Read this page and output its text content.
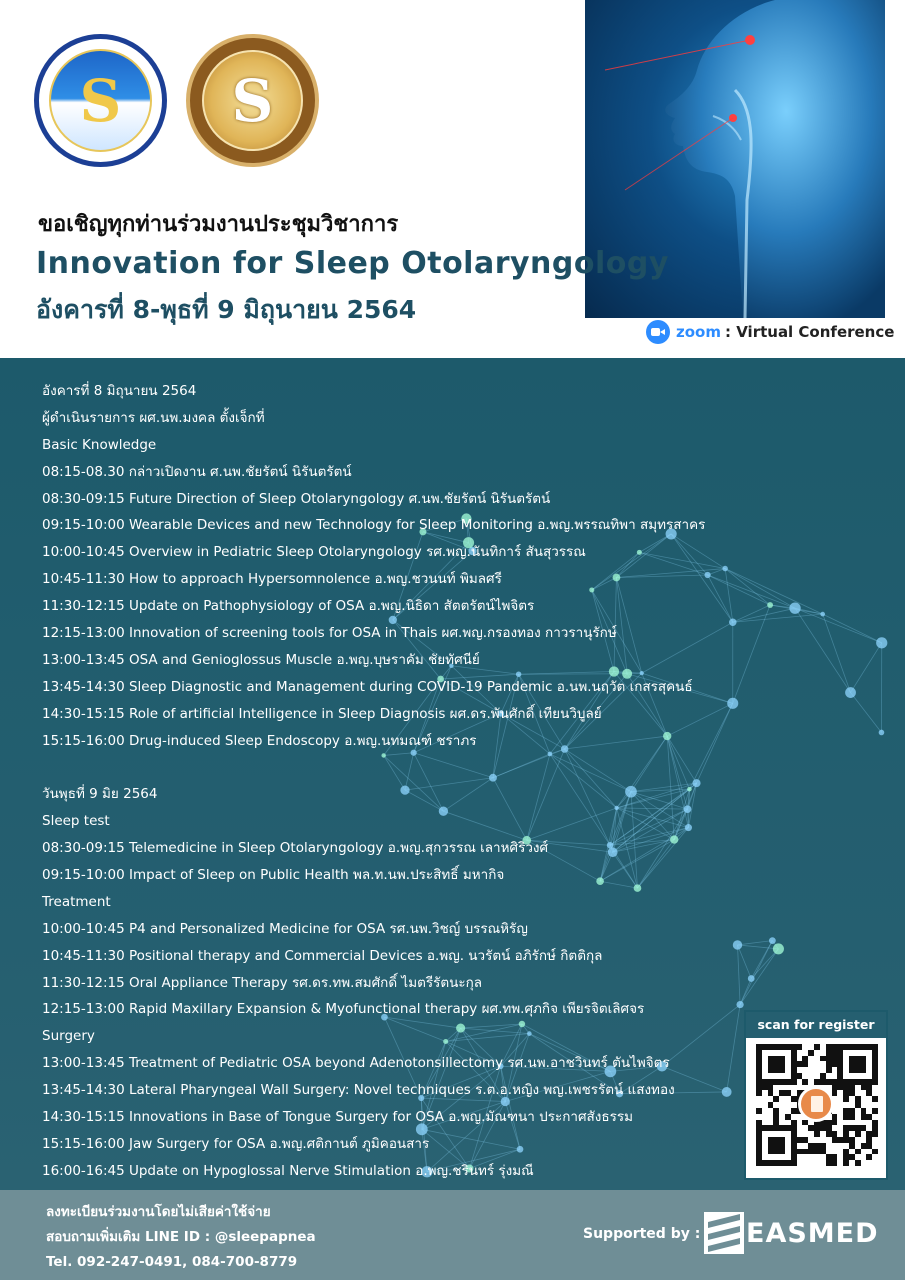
S	S
ขอเชิญทุกท่านร่วมงานประชุมวิชาการ
Innovation for Sleep Otolaryngology
อังคารที่ 8-พุธที่ 9 มิถุนายน 2564
zoom : Virtual Conference
อังคารที่ 8 มิถุนายน 2564
ผู้ดำเนินรายการ ผศ.นพ.มงคล ตั้งเจ็กที่
Basic Knowledge
08:15-08.30 กล่าวเปิดงาน ศ.นพ.ชัยรัตน์ นิรันตรัตน์
08:30-09:15 Future Direction of Sleep Otolaryngology ศ.นพ.ชัยรัตน์ นิรันตรัตน์
09:15-10:00 Wearable Devices and new Technology for Sleep Monitoring อ.พญ.พรรณทิพา สมุทรสาคร
10:00-10:45 Overview in Pediatric Sleep Otolaryngology รศ.พญ.นันทิการ์ สันสุวรรณ
10:45-11:30 How to approach Hypersomnolence อ.พญ.ชวนนท์ พิมลศรี
11:30-12:15 Update on Pathophysiology of OSA อ.พญ.นิธิดา สัตตรัตน์ไพจิตร
12:15-13:00 Innovation of screening tools for OSA in Thais ผศ.พญ.กรองทอง กาวรานุรักษ์
13:00-13:45 OSA and Genioglossus Muscle อ.พญ.บุษราคัม ชัยทัศนีย์
13:45-14:30 Sleep Diagnostic and Management during COVID-19 Pandemic อ.นพ.นฤวัต เกสรสุคนธ์
14:30-15:15 Role of artificial Intelligence in Sleep Diagnosis ผศ.ดร.พันศักดิ์ เทียนวิบูลย์
15:15-16:00 Drug-induced Sleep Endoscopy อ.พญ.นทมณฑ์ ชราภร
วันพุธที่ 9 มิย 2564
Sleep test
08:30-09:15 Telemedicine in Sleep Otolaryngology อ.พญ.สุกวรรณ เลาหศิริวงศ์
09:15-10:00 Impact of Sleep on Public Health พล.ท.นพ.ประสิทธิ์ มหากิจ
Treatment
10:00-10:45 P4 and Personalized Medicine for OSA รศ.นพ.วิชญ์ บรรณหิรัญ
10:45-11:30 Positional therapy and Commercial Devices อ.พญ. นวรัตน์ อภิรักษ์ กิตติกุล
11:30-12:15 Oral Appliance Therapy รศ.ดร.ทพ.สมศักดิ์ ไมตรีรัตนะกุล
12:15-13:00 Rapid Maxillary Expansion & Myofunctional therapy ผศ.ทพ.ศุภกิจ เพียรจิตเลิศจร
Surgery
13:00-13:45 Treatment of Pediatric OSA beyond Adenotonsillectomy รศ.นพ.อาชวินทร์ ตันไพจิตร
13:45-14:30 Lateral Pharyngeal Wall Surgery: Novel techniques ร.ต.อ.หญิง พญ.เพชรรัตน์ แสงทอง
14:30-15:15 Innovations in Base of Tongue Surgery for OSA อ.พญ.มัณฑนา ประกาศสังธรรม
15:15-16:00 Jaw Surgery for OSA อ.พญ.ศติกานต์ ภูมิคอนสาร
16:00-16:45 Update on Hypoglossal Nerve Stimulation อ.พญ.ชรินทร์ รุ่งมณี
scan for register
ลงทะเบียนร่วมงานโดยไม่เสียค่าใช้จ่าย
สอบถามเพิ่มเติม LINE ID : @sleepapnea
Tel. 092-247-0491, 084-700-8779
Supported by : EASMED
